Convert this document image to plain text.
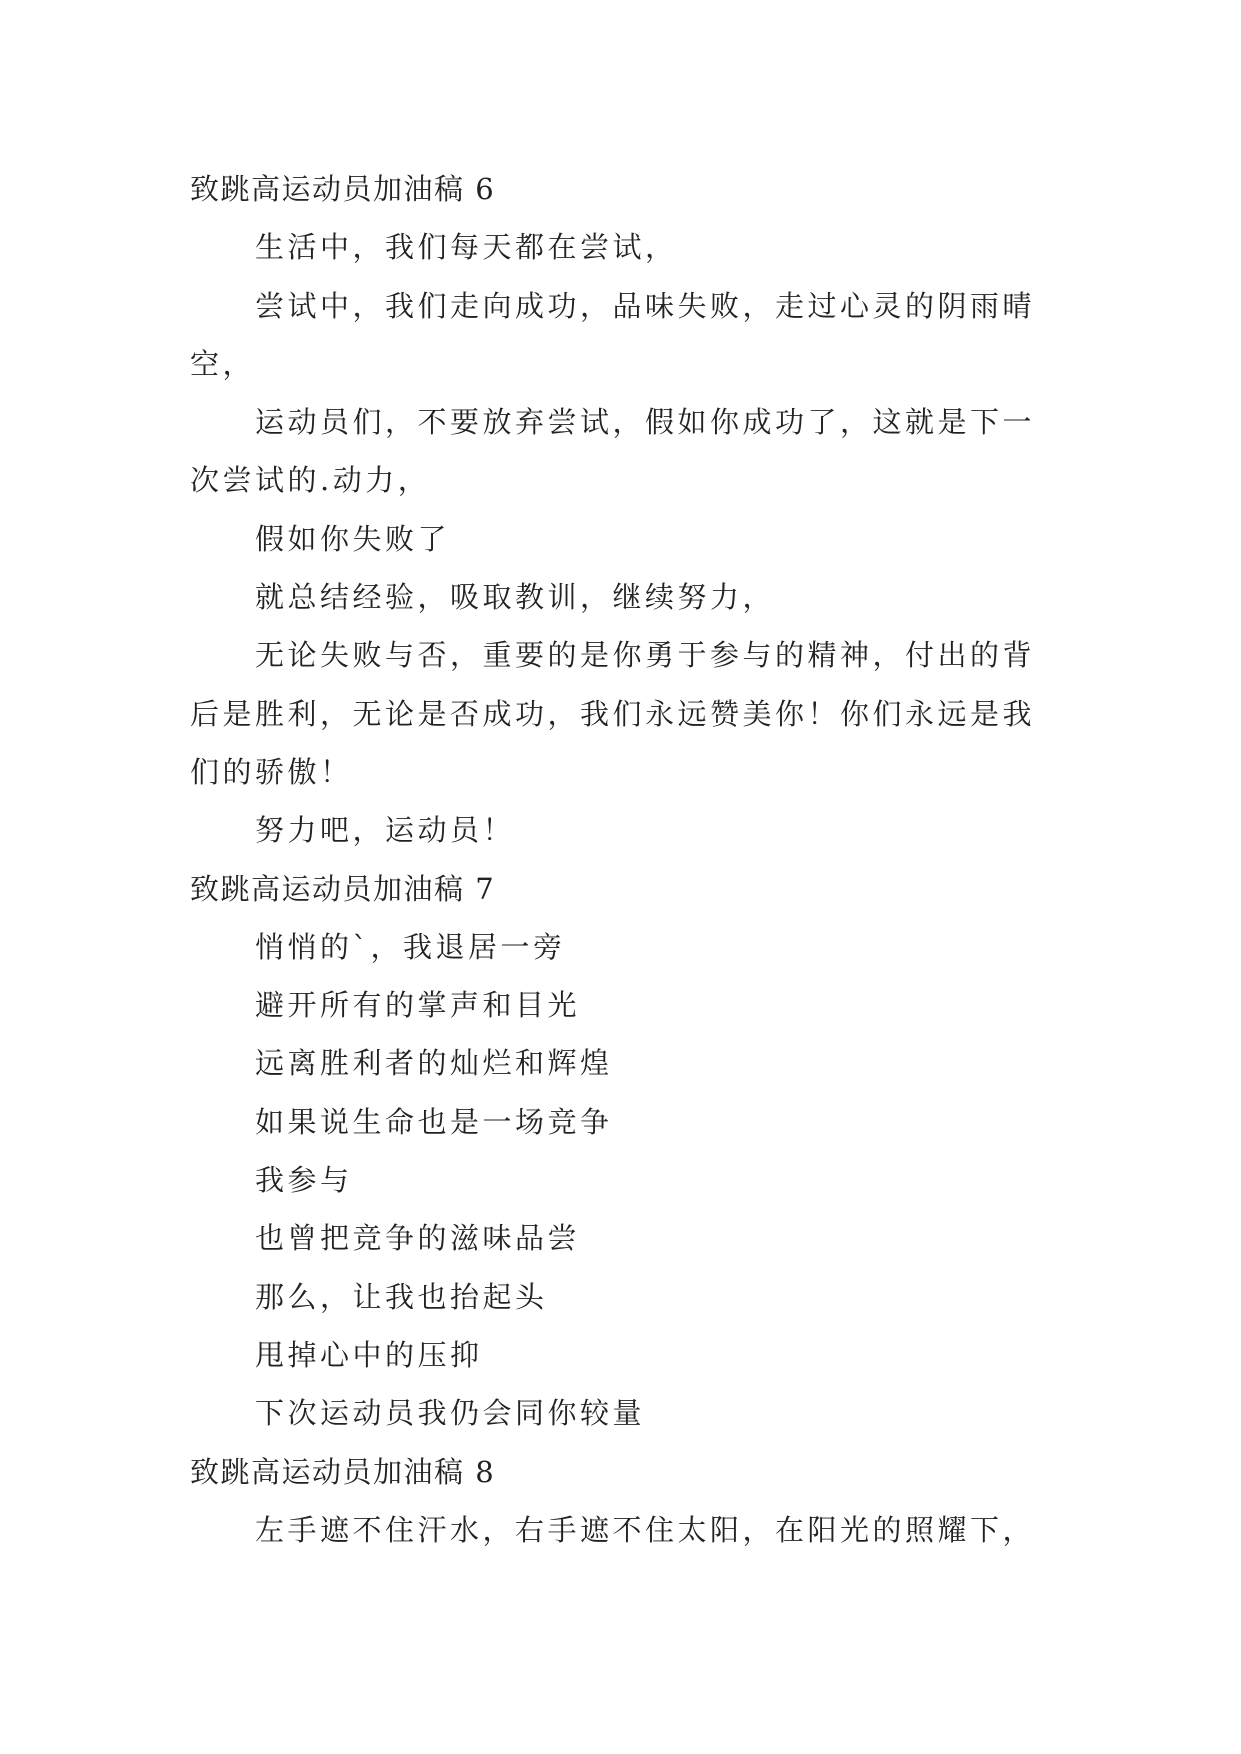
致跳高运动员加油稿 6
生活中，我们每天都在尝试，
尝试中，我们走向成功，品味失败，走过心灵的阴雨晴
空，
运动员们，不要放弃尝试，假如你成功了，这就是下一
次尝试的.动力，
假如你失败了
就总结经验，吸取教训，继续努力，
无论失败与否，重要的是你勇于参与的精神，付出的背
后是胜利，无论是否成功，我们永远赞美你！你们永远是我
们的骄傲！
努力吧，运动员！
致跳高运动员加油稿 7
悄悄的`，我退居一旁
避开所有的掌声和目光
远离胜利者的灿烂和辉煌
如果说生命也是一场竞争
我参与
也曾把竞争的滋味品尝
那么，让我也抬起头
甩掉心中的压抑
下次运动员我仍会同你较量
致跳高运动员加油稿 8
左手遮不住汗水，右手遮不住太阳，在阳光的照耀下，
